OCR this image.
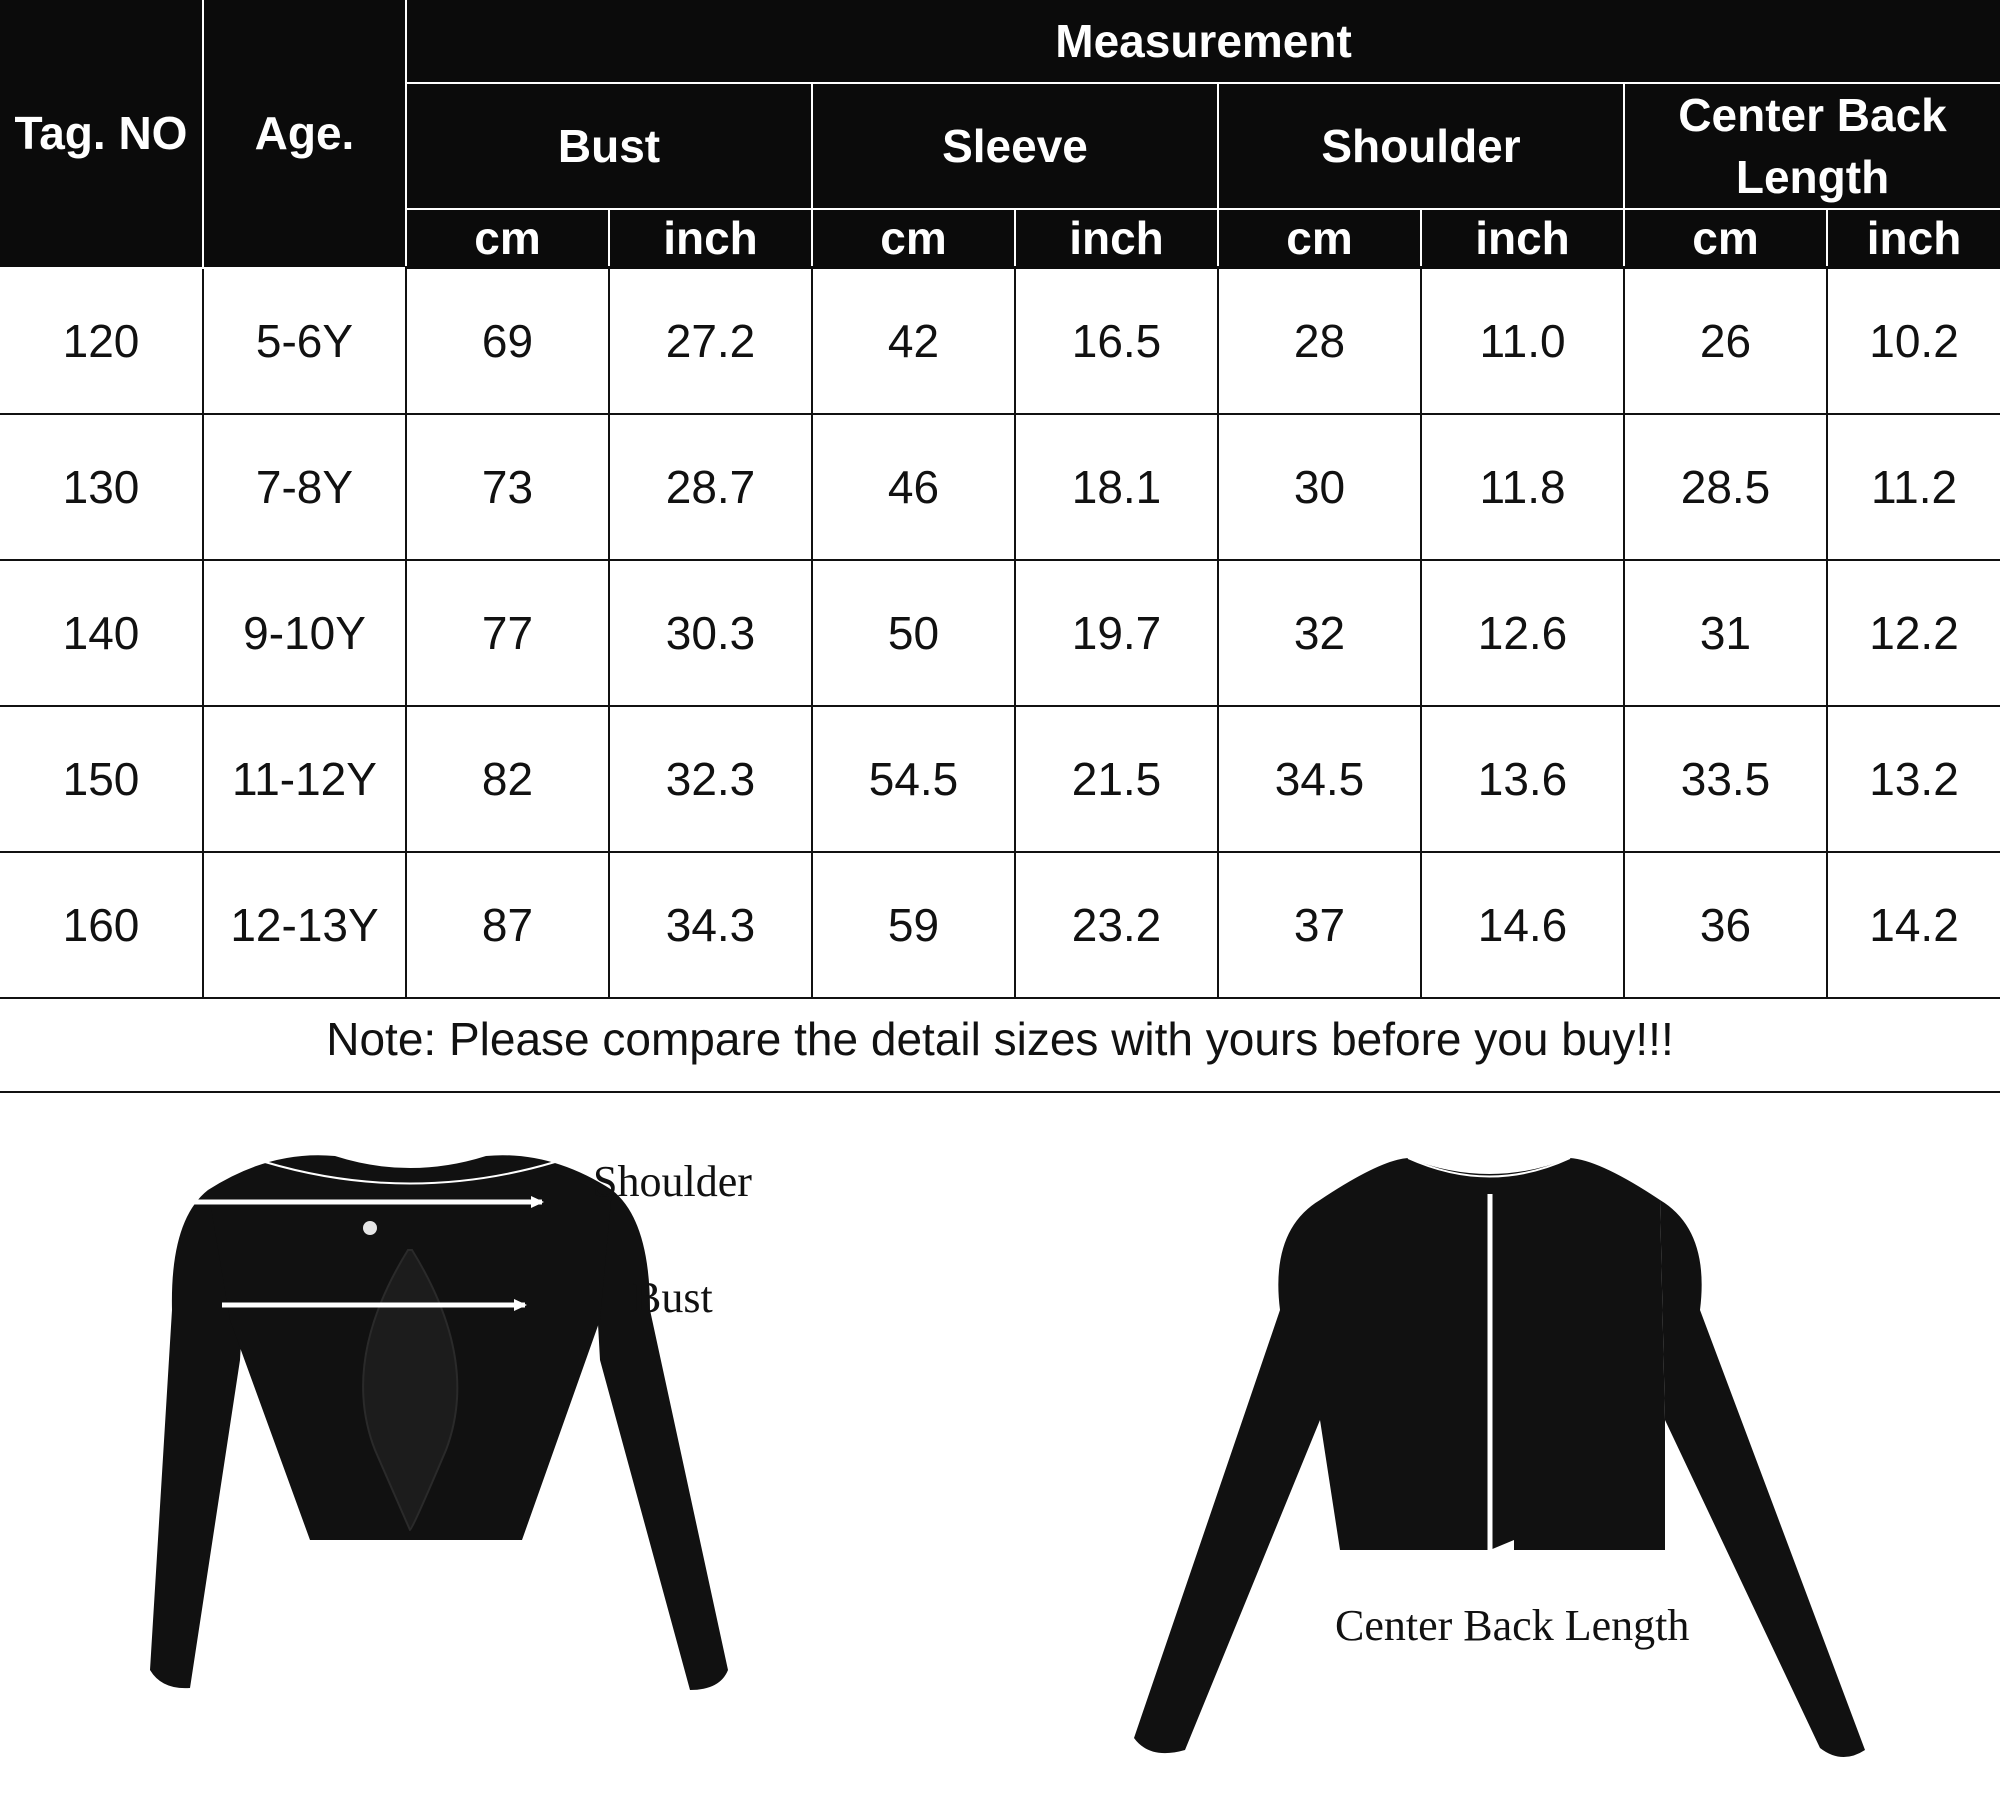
Tag. NO	Age.	Measurement							
		Bust		Sleeve		Shoulder		Center Back Length	
		cm	inch	cm	inch	cm	inch	cm	inch
120	5-6Y	69	27.2	42	16.5	28	11.0	26	10.2
130	7-8Y	73	28.7	46	18.1	30	11.8	28.5	11.2
140	9-10Y	77	30.3	50	19.7	32	12.6	31	12.2
150	11-12Y	82	32.3	54.5	21.5	34.5	13.6	33.5	13.2
160	12-13Y	87	34.3	59	23.2	37	14.6	36	14.2
Note: Please compare the detail sizes with yours before you buy!!!
Shoulder
Bust
Center Back Length
